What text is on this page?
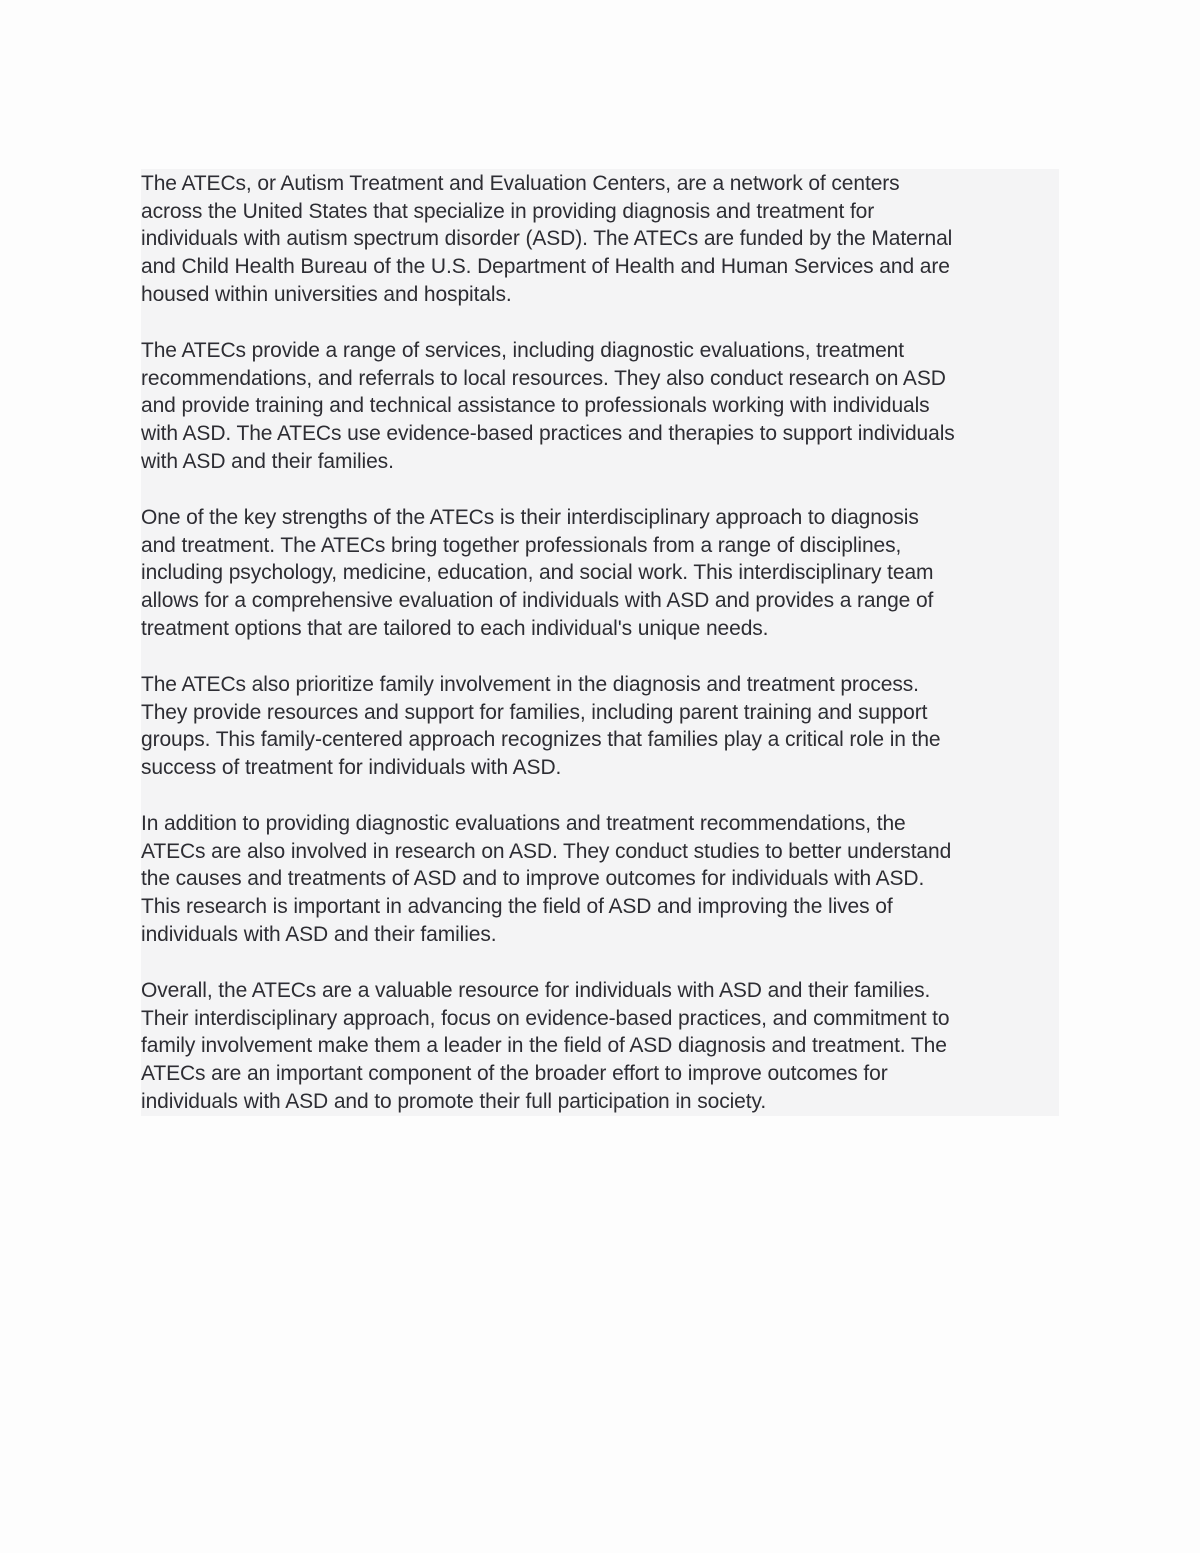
The ATECs, or Autism Treatment and Evaluation Centers, are a network of centers
across the United States that specialize in providing diagnosis and treatment for
individuals with autism spectrum disorder (ASD). The ATECs are funded by the Maternal
and Child Health Bureau of the U.S. Department of Health and Human Services and are
housed within universities and hospitals.

The ATECs provide a range of services, including diagnostic evaluations, treatment
recommendations, and referrals to local resources. They also conduct research on ASD
and provide training and technical assistance to professionals working with individuals
with ASD. The ATECs use evidence-based practices and therapies to support individuals
with ASD and their families.

One of the key strengths of the ATECs is their interdisciplinary approach to diagnosis
and treatment. The ATECs bring together professionals from a range of disciplines,
including psychology, medicine, education, and social work. This interdisciplinary team
allows for a comprehensive evaluation of individuals with ASD and provides a range of
treatment options that are tailored to each individual's unique needs.

The ATECs also prioritize family involvement in the diagnosis and treatment process.
They provide resources and support for families, including parent training and support
groups. This family-centered approach recognizes that families play a critical role in the
success of treatment for individuals with ASD.

In addition to providing diagnostic evaluations and treatment recommendations, the
ATECs are also involved in research on ASD. They conduct studies to better understand
the causes and treatments of ASD and to improve outcomes for individuals with ASD.
This research is important in advancing the field of ASD and improving the lives of
individuals with ASD and their families.

Overall, the ATECs are a valuable resource for individuals with ASD and their families.
Their interdisciplinary approach, focus on evidence-based practices, and commitment to
family involvement make them a leader in the field of ASD diagnosis and treatment. The
ATECs are an important component of the broader effort to improve outcomes for
individuals with ASD and to promote their full participation in society.
